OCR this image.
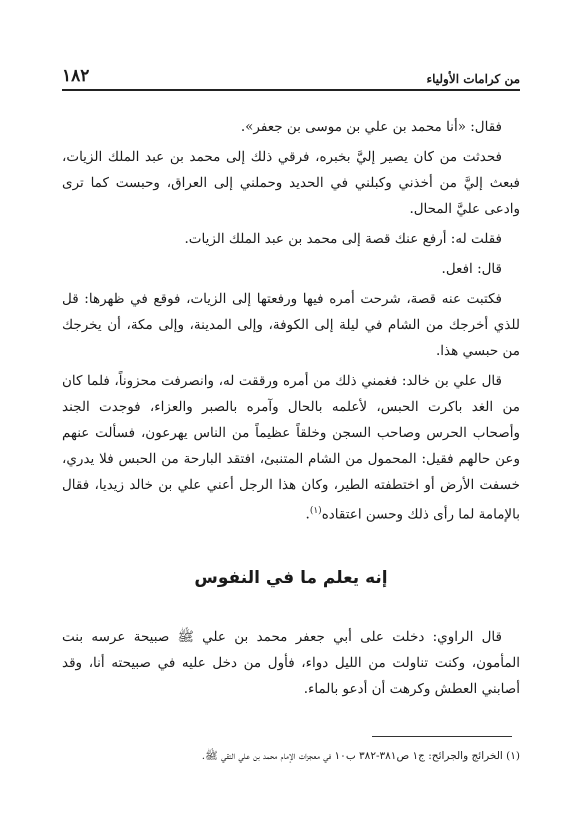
من كرامات الأولياء
١٨٢

فقال: «أنا محمد بن علي بن موسى بن جعفر».

فحدثت من كان يصير إليَّ بخبره، فرقي ذلك إلى محمد بن عبد الملك الزيات، فبعث إليَّ من أخذني وكبلني في الحديد وحملني إلى العراق، وحبست كما ترى وادعى عليَّ المحال.

فقلت له: أرفع عنك قصة إلى محمد بن عبد الملك الزيات.

قال: افعل.

فكتبت عنه قصة، شرحت أمره فيها ورفعتها إلى الزيات، فوقع في ظهرها: قل للذي أخرجك من الشام في ليلة إلى الكوفة، وإلى المدينة، وإلى مكة، أن يخرجك من حبسي هذا.

قال علي بن خالد: فغمني ذلك من أمره ورققت له، وانصرفت محزوناً، فلما كان من الغد باكرت الحبس، لأعلمه بالحال وآمره بالصبر والعزاء، فوجدت الجند وأصحاب الحرس وصاحب السجن وخلقاً عظيماً من الناس يهرعون، فسألت عنهم وعن حالهم فقيل: المحمول من الشام المتنبئ، افتقد البارحة من الحبس فلا يدري، خسفت الأرض أو اختطفته الطير، وكان هذا الرجل أعني علي بن خالد زيديا، فقال بالإمامة لما رأى ذلك وحسن اعتقاده$^{(١)}$.

إنه يعلم ما في النفوس

قال الراوي: دخلت على أبي جعفر محمد بن علي ﷺ صبيحة عرسه بنت المأمون، وكنت تناولت من الليل دواء، فأول من دخل عليه في صبيحته أنا، وقد أصابني العطش وكرهت أن أدعو بالماء.

(١) الخرائج والجرائح: ج١ ص٣٨١-٣٨٢ ب١٠ في معجزات الإمام محمد بن علي التقي ﷺ.
